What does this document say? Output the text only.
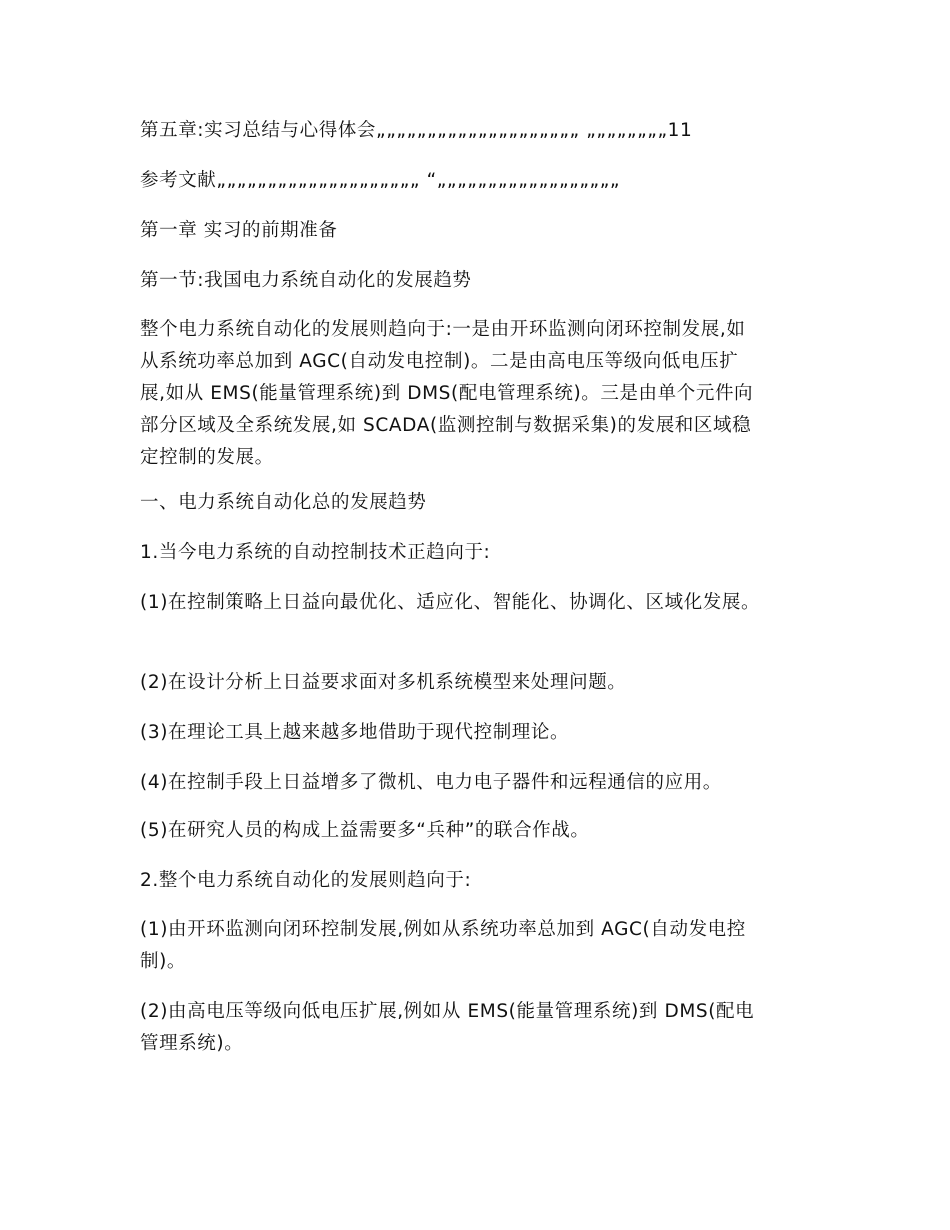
第五章:实习总结与心得体会„„„„„„„„„„„„„„„„„„„„ „„„„„„„„11
参考文献„„„„„„„„„„„„„„„„„„„„ “„„„„„„„„„„„„„„„„„„
第一章 实习的前期准备
第一节:我国电力系统自动化的发展趋势
整个电力系统自动化的发展则趋向于:一是由开环监测向闭环控制发展,如
从系统功率总加到 AGC(自动发电控制)。二是由高电压等级向低电压扩
展,如从 EMS(能量管理系统)到 DMS(配电管理系统)。三是由单个元件向
部分区域及全系统发展,如 SCADA(监测控制与数据采集)的发展和区域稳
定控制的发展。
一、电力系统自动化总的发展趋势
1.当今电力系统的自动控制技术正趋向于:
(1)在控制策略上日益向最优化、适应化、智能化、协调化、区域化发展。
(2)在设计分析上日益要求面对多机系统模型来处理问题。
(3)在理论工具上越来越多地借助于现代控制理论。
(4)在控制手段上日益增多了微机、电力电子器件和远程通信的应用。
(5)在研究人员的构成上益需要多“兵种”的联合作战。
2.整个电力系统自动化的发展则趋向于:
(1)由开环监测向闭环控制发展,例如从系统功率总加到 AGC(自动发电控
制)。
(2)由高电压等级向低电压扩展,例如从 EMS(能量管理系统)到 DMS(配电
管理系统)。
